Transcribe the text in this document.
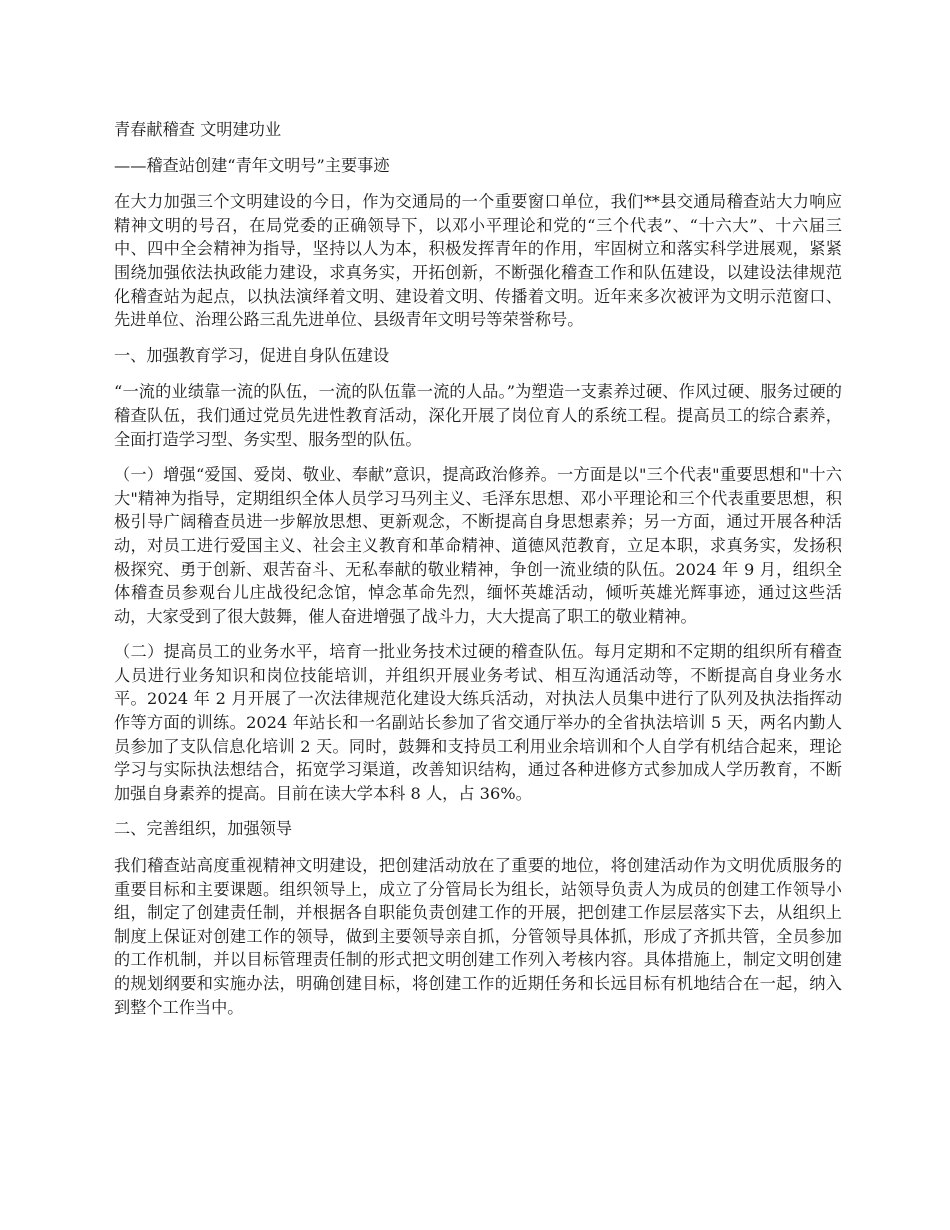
青春献稽查 文明建功业

——稽查站创建“青年文明号”主要事迹

在大力加强三个文明建设的今日，作为交通局的一个重要窗口单位，我们**县交通局稽查站大力响应精神文明的号召，在局党委的正确领导下，以邓小平理论和党的“三个代表”、“十六大”、十六届三中、四中全会精神为指导，坚持以人为本，积极发挥青年的作用，牢固树立和落实科学进展观，紧紧围绕加强依法执政能力建设，求真务实，开拓创新，不断强化稽查工作和队伍建设，以建设法律规范化稽查站为起点，以执法演绎着文明、建设着文明、传播着文明。近年来多次被评为文明示范窗口、先进单位、治理公路三乱先进单位、县级青年文明号等荣誉称号。

一、加强教育学习，促进自身队伍建设

“一流的业绩靠一流的队伍，一流的队伍靠一流的人品。”为塑造一支素养过硬、作风过硬、服务过硬的稽查队伍，我们通过党员先进性教育活动，深化开展了岗位育人的系统工程。提高员工的综合素养，全面打造学习型、务实型、服务型的队伍。

（一）增强“爱国、爱岗、敬业、奉献”意识，提高政治修养。一方面是以"三个代表"重要思想和"十六大"精神为指导，定期组织全体人员学习马列主义、毛泽东思想、邓小平理论和三个代表重要思想，积极引导广阔稽查员进一步解放思想、更新观念，不断提高自身思想素养；另一方面，通过开展各种活动，对员工进行爱国主义、社会主义教育和革命精神、道德风范教育，立足本职，求真务实，发扬积极探究、勇于创新、艰苦奋斗、无私奉献的敬业精神，争创一流业绩的队伍。2024 年 9 月，组织全体稽查员参观台儿庄战役纪念馆，悼念革命先烈，缅怀英雄活动，倾听英雄光辉事迹，通过这些活动，大家受到了很大鼓舞，催人奋进增强了战斗力，大大提高了职工的敬业精神。

（二）提高员工的业务水平，培育一批业务技术过硬的稽查队伍。每月定期和不定期的组织所有稽查人员进行业务知识和岗位技能培训，并组织开展业务考试、相互沟通活动等，不断提高自身业务水平。2024 年 2 月开展了一次法律规范化建设大练兵活动，对执法人员集中进行了队列及执法指挥动作等方面的训练。2024 年站长和一名副站长参加了省交通厅举办的全省执法培训 5 天，两名内勤人员参加了支队信息化培训 2 天。同时，鼓舞和支持员工利用业余培训和个人自学有机结合起来，理论学习与实际执法想结合，拓宽学习渠道，改善知识结构，通过各种进修方式参加成人学历教育，不断加强自身素养的提高。目前在读大学本科 8 人，占 36%。

二、完善组织，加强领导

我们稽查站高度重视精神文明建设，把创建活动放在了重要的地位，将创建活动作为文明优质服务的重要目标和主要课题。组织领导上，成立了分管局长为组长，站领导负责人为成员的创建工作领导小组，制定了创建责任制，并根据各自职能负责创建工作的开展，把创建工作层层落实下去，从组织上制度上保证对创建工作的领导，做到主要领导亲自抓，分管领导具体抓，形成了齐抓共管，全员参加的工作机制，并以目标管理责任制的形式把文明创建工作列入考核内容。具体措施上，制定文明创建的规划纲要和实施办法，明确创建目标，将创建工作的近期任务和长远目标有机地结合在一起，纳入到整个工作当中。
